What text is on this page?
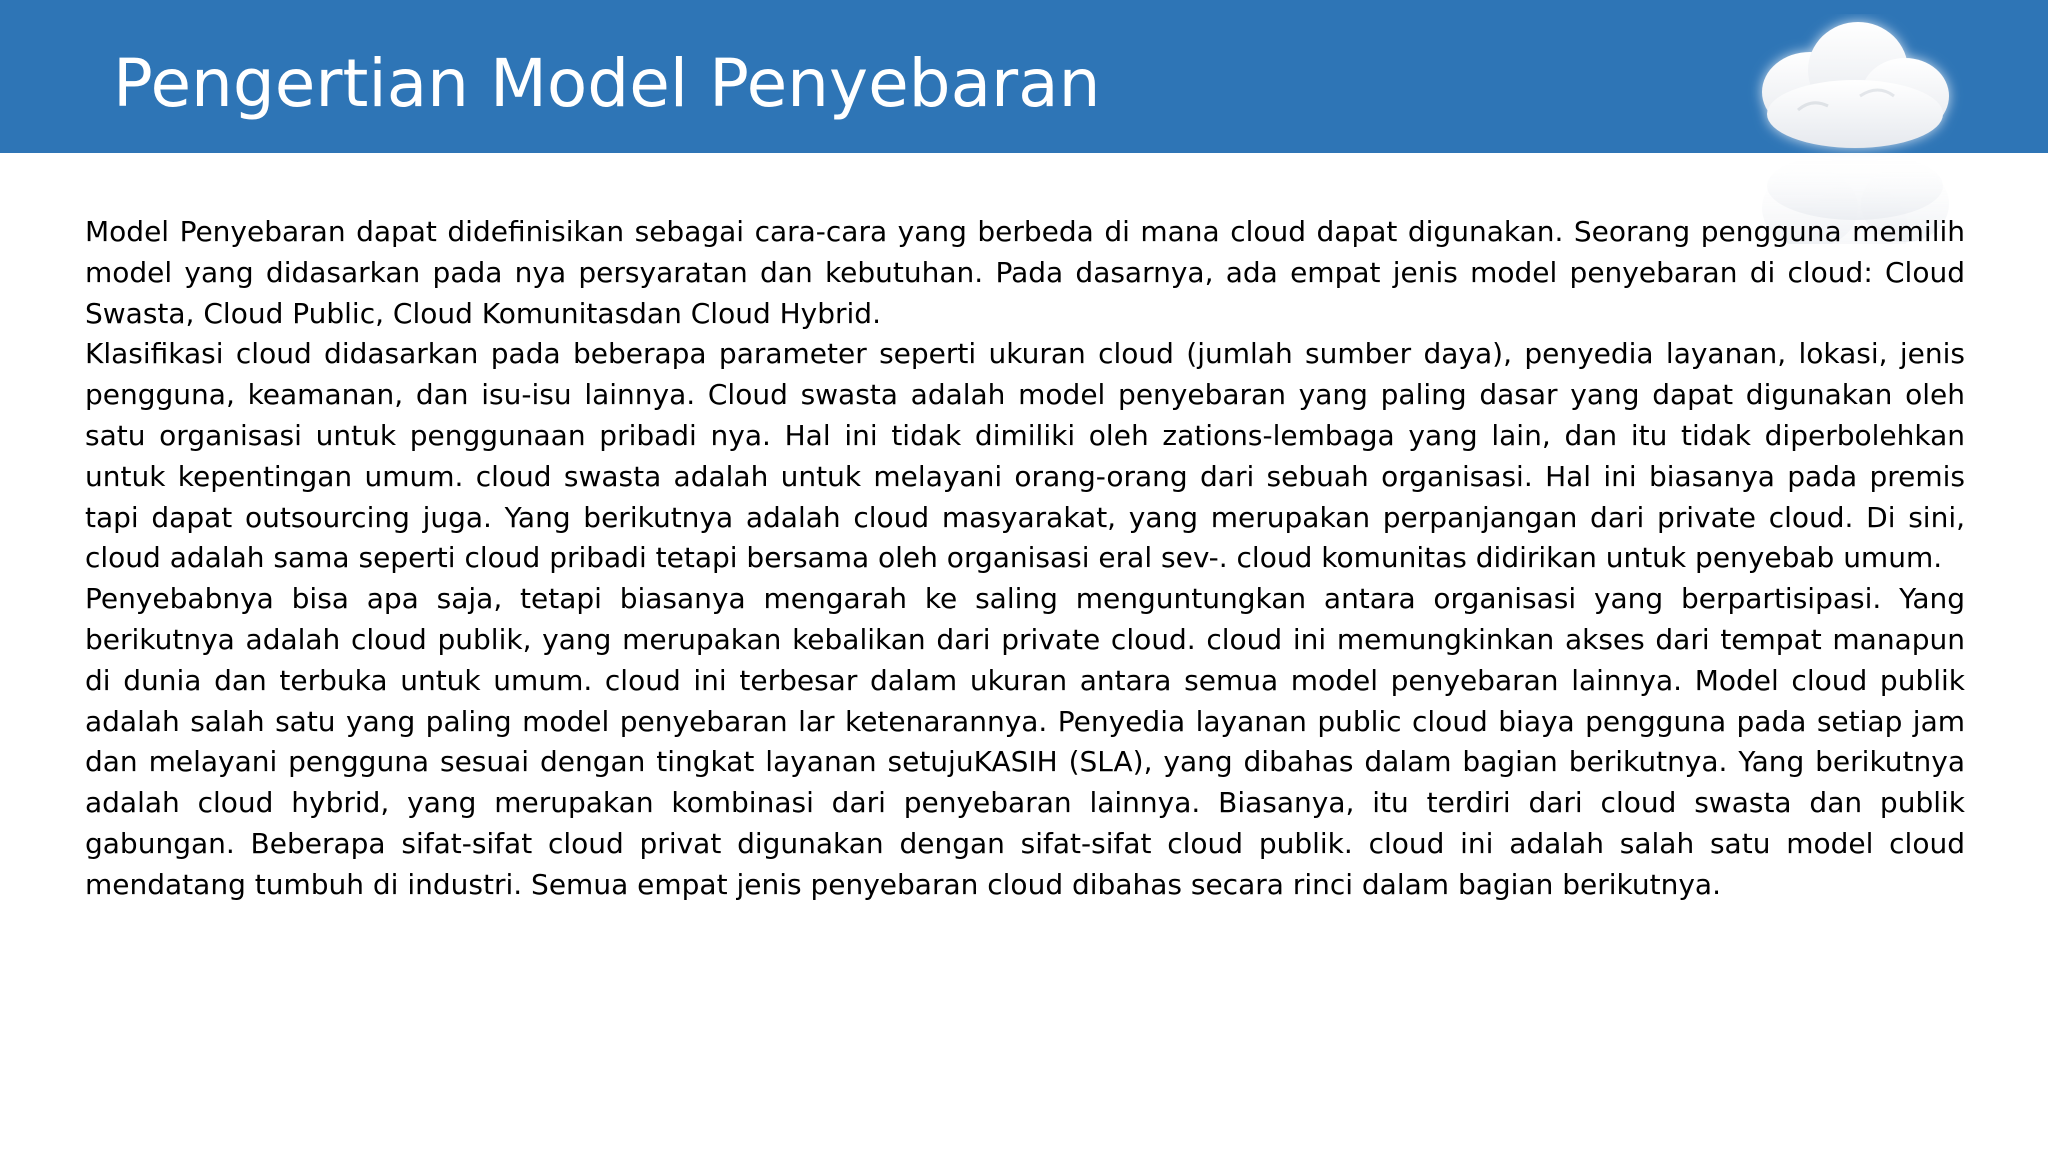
Pengertian Model Penyebaran

Model Penyebaran dapat didefinisikan sebagai cara-cara yang berbeda di mana cloud dapat digunakan. Seorang pengguna memilih model yang didasarkan pada nya persyaratan dan kebutuhan. Pada dasarnya, ada empat jenis model penyebaran di cloud: Cloud Swasta, Cloud Public, Cloud Komunitasdan Cloud Hybrid.

Klasifikasi cloud didasarkan pada beberapa parameter seperti ukuran cloud (jumlah sumber daya), penyedia layanan, lokasi, jenis pengguna, keamanan, dan isu-isu lainnya. Cloud swasta adalah model penyebaran yang paling dasar yang dapat digunakan oleh satu organisasi untuk penggunaan pribadi nya. Hal ini tidak dimiliki oleh zations-lembaga yang lain, dan itu tidak diperbolehkan untuk kepentingan umum. cloud swasta adalah untuk melayani orang-orang dari sebuah organisasi. Hal ini biasanya pada premis tapi dapat outsourcing juga. Yang berikutnya adalah cloud masyarakat, yang merupakan perpanjangan dari private cloud. Di sini, cloud adalah sama seperti cloud pribadi tetapi bersama oleh organisasi eral sev-. cloud komunitas didirikan untuk penyebab umum.

Penyebabnya bisa apa saja, tetapi biasanya mengarah ke saling menguntungkan antara organisasi yang berpartisipasi. Yang berikutnya adalah cloud publik, yang merupakan kebalikan dari private cloud. cloud ini memungkinkan akses dari tempat manapun di dunia dan terbuka untuk umum. cloud ini terbesar dalam ukuran antara semua model penyebaran lainnya. Model cloud publik adalah salah satu yang paling model penyebaran lar ketenarannya. Penyedia layanan public cloud biaya pengguna pada setiap jam dan melayani pengguna sesuai dengan tingkat layanan setujuKASIH (SLA), yang dibahas dalam bagian berikutnya. Yang berikutnya adalah cloud hybrid, yang merupakan kombinasi dari penyebaran lainnya. Biasanya, itu terdiri dari cloud swasta dan publik gabungan. Beberapa sifat-sifat cloud privat digunakan dengan sifat-sifat cloud publik. cloud ini adalah salah satu model cloud mendatang tumbuh di industri. Semua empat jenis penyebaran cloud dibahas secara rinci dalam bagian berikutnya.
